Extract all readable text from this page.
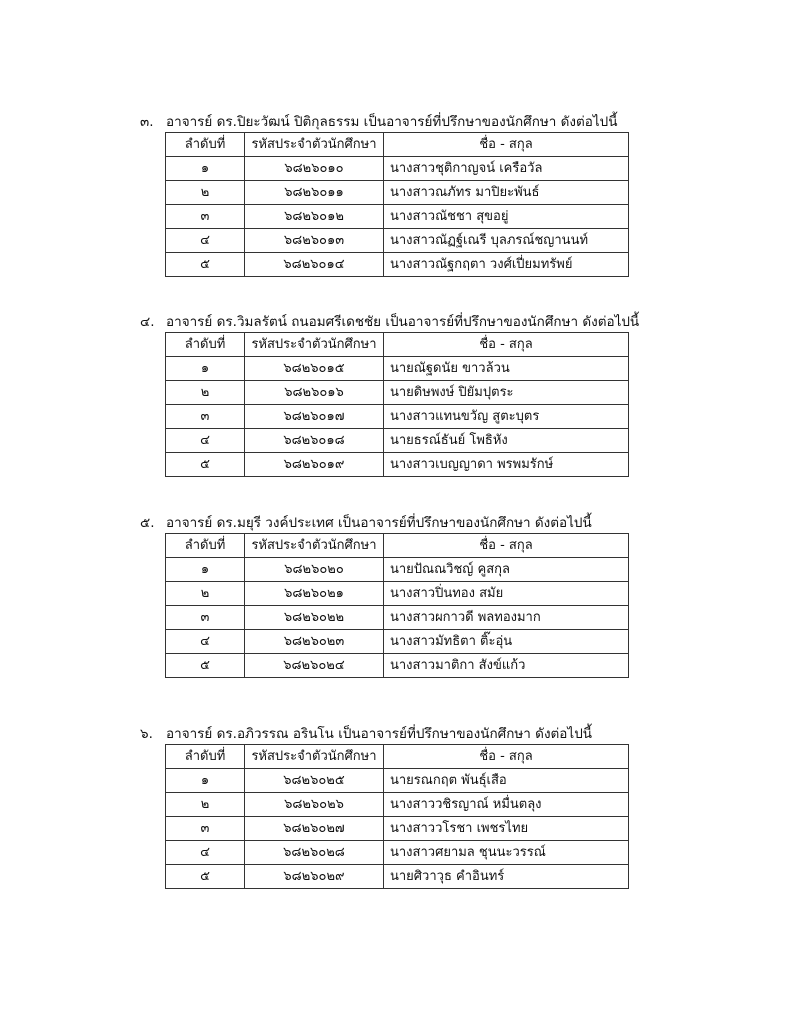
๓. อาจารย์ ดร.ปิยะวัฒน์ ปิติกุลธรรม เป็นอาจารย์ที่ปรึกษาของนักศึกษา ดังต่อไปนี้
ลำดับที่	รหัสประจำตัวนักศึกษา	ชื่อ - สกุล
๑	๖๘๒๖๐๑๐	นางสาวชุติกาญจน์ เครือวัล
๒	๖๘๒๖๐๑๑	นางสาวณภัทร มาปิยะพันธ์
๓	๖๘๒๖๐๑๒	นางสาวณัชชา สุขอยู่
๔	๖๘๒๖๐๑๓	นางสาวณัฏฐ์เณรี บุลภรณ์ชญานนท์
๕	๖๘๒๖๐๑๔	นางสาวณัฐกฤตา วงศ์เปี่ยมทรัพย์
๔. อาจารย์ ดร.วิมลรัตน์ ถนอมศรีเดชชัย เป็นอาจารย์ที่ปรึกษาของนักศึกษา ดังต่อไปนี้
ลำดับที่	รหัสประจำตัวนักศึกษา	ชื่อ - สกุล
๑	๖๘๒๖๐๑๕	นายณัฐดนัย ขาวล้วน
๒	๖๘๒๖๐๑๖	นายดิษพงษ์ ปิยัมปุตระ
๓	๖๘๒๖๐๑๗	นางสาวแทนขวัญ สูตะบุตร
๔	๖๘๒๖๐๑๘	นายธรณ์ธันย์ โพธิหัง
๕	๖๘๒๖๐๑๙	นางสาวเบญญาดา พรพมรักษ์
๕. อาจารย์ ดร.มยุรี วงค์ประเทศ เป็นอาจารย์ที่ปรึกษาของนักศึกษา ดังต่อไปนี้
ลำดับที่	รหัสประจำตัวนักศึกษา	ชื่อ - สกุล
๑	๖๘๒๖๐๒๐	นายปัณณวิชญ์ คูสกุล
๒	๖๘๒๖๐๒๑	นางสาวปิ่นทอง สมัย
๓	๖๘๒๖๐๒๒	นางสาวผกาวดี พลทองมาก
๔	๖๘๒๖๐๒๓	นางสาวมัทธิตา ติ๊ะอุ่น
๕	๖๘๒๖๐๒๔	นางสาวมาติกา สังข์แก้ว
๖. อาจารย์ ดร.อภิวรรณ อรินโน เป็นอาจารย์ที่ปรึกษาของนักศึกษา ดังต่อไปนี้
ลำดับที่	รหัสประจำตัวนักศึกษา	ชื่อ - สกุล
๑	๖๘๒๖๐๒๕	นายรณกฤต พันธุ์เสือ
๒	๖๘๒๖๐๒๖	นางสาววชิรญาณ์ หมื่นตลุง
๓	๖๘๒๖๐๒๗	นางสาววโรชา เพชรไทย
๔	๖๘๒๖๐๒๘	นางสาวศยามล ชุนนะวรรณ์
๕	๖๘๒๖๐๒๙	นายศิวาวุธ คำอินทร์
